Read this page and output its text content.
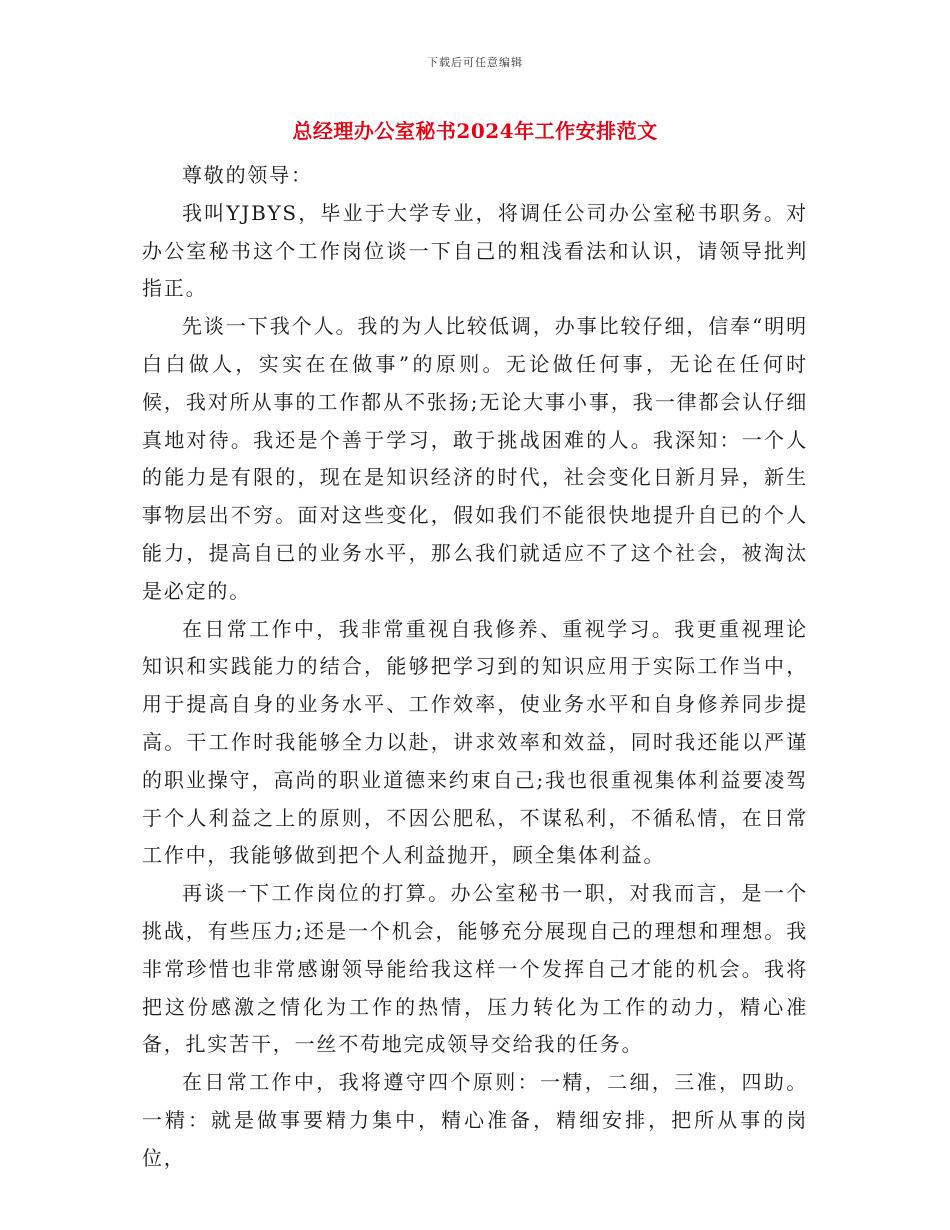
下载后可任意编辑
总经理办公室秘书2024年工作安排范文

尊敬的领导：

我叫YJBYS，毕业于大学专业，将调任公司办公室秘书职务。对办公室秘书这个工作岗位谈一下自己的粗浅看法和认识，请领导批判指正。

先谈一下我个人。我的为人比较低调，办事比较仔细，信奉“明明白白做人，实实在在做事”的原则。无论做任何事，无论在任何时候，我对所从事的工作都从不张扬;无论大事小事，我一律都会认仔细真地对待。我还是个善于学习，敢于挑战困难的人。我深知：一个人的能力是有限的，现在是知识经济的时代，社会变化日新月异，新生事物层出不穷。面对这些变化，假如我们不能很快地提升自已的个人能力，提高自已的业务水平，那么我们就适应不了这个社会，被淘汰是必定的。

在日常工作中，我非常重视自我修养、重视学习。我更重视理论知识和实践能力的结合，能够把学习到的知识应用于实际工作当中，用于提高自身的业务水平、工作效率，使业务水平和自身修养同步提高。干工作时我能够全力以赴，讲求效率和效益，同时我还能以严谨的职业操守，高尚的职业道德来约束自己;我也很重视集体利益要凌驾于个人利益之上的原则，不因公肥私，不谋私利，不循私情，在日常工作中，我能够做到把个人利益抛开，顾全集体利益。

再谈一下工作岗位的打算。办公室秘书一职，对我而言，是一个挑战，有些压力;还是一个机会，能够充分展现自己的理想和理想。我非常珍惜也非常感谢领导能给我这样一个发挥自己才能的机会。我将把这份感激之情化为工作的热情，压力转化为工作的动力，精心准备，扎实苦干，一丝不苟地完成领导交给我的任务。

在日常工作中，我将遵守四个原则：一精，二细，三准，四助。一精：就是做事要精力集中，精心准备，精细安排，把所从事的岗位，
